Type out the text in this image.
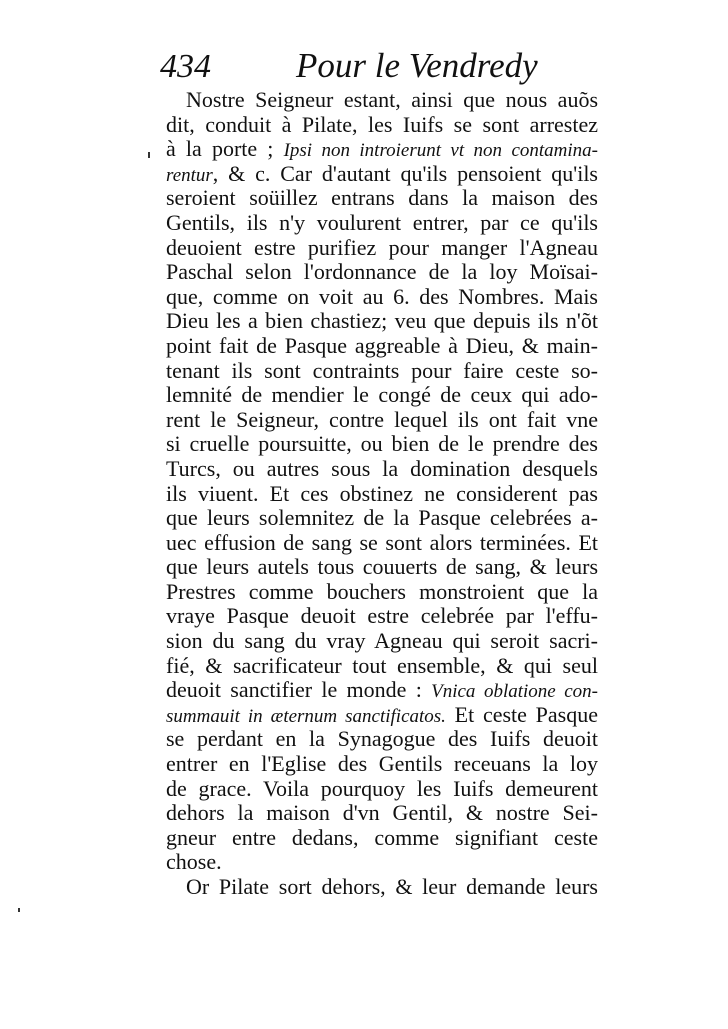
434 Pour le Vendredy
Nostre Seigneur estant, ainsi que nous auõs
dit, conduit à Pilate, les Iuifs se sont arrestez
à la porte ; Ipsi non introierunt vt non contamina-
rentur, & c. Car d'autant qu'ils pensoient qu'ils
seroient soüillez entrans dans la maison des
Gentils, ils n'y voulurent entrer, par ce qu'ils
deuoient estre purifiez pour manger l'Agneau
Paschal selon l'ordonnance de la loy Moïsai-
que, comme on voit au 6. des Nombres. Mais
Dieu les a bien chastiez; veu que depuis ils n'õt
point fait de Pasque aggreable à Dieu, & main-
tenant ils sont contraints pour faire ceste so-
lemnité de mendier le congé de ceux qui ado-
rent le Seigneur, contre lequel ils ont fait vne
si cruelle poursuitte, ou bien de le prendre des
Turcs, ou autres sous la domination desquels
ils viuent. Et ces obstinez ne considerent pas
que leurs solemnitez de la Pasque celebrées a-
uec effusion de sang se sont alors terminées. Et
que leurs autels tous couuerts de sang, & leurs
Prestres comme bouchers monstroient que la
vraye Pasque deuoit estre celebrée par l'effu-
sion du sang du vray Agneau qui seroit sacri-
fié, & sacrificateur tout ensemble, & qui seul
deuoit sanctifier le monde : Vnica oblatione con-
summauit in æternum sanctificatos. Et ceste Pasque
se perdant en la Synagogue des Iuifs deuoit
entrer en l'Eglise des Gentils receuans la loy
de grace. Voila pourquoy les Iuifs demeurent
dehors la maison d'vn Gentil, & nostre Sei-
gneur entre dedans, comme signifiant ceste
chose.
Or Pilate sort dehors, & leur demande leurs
